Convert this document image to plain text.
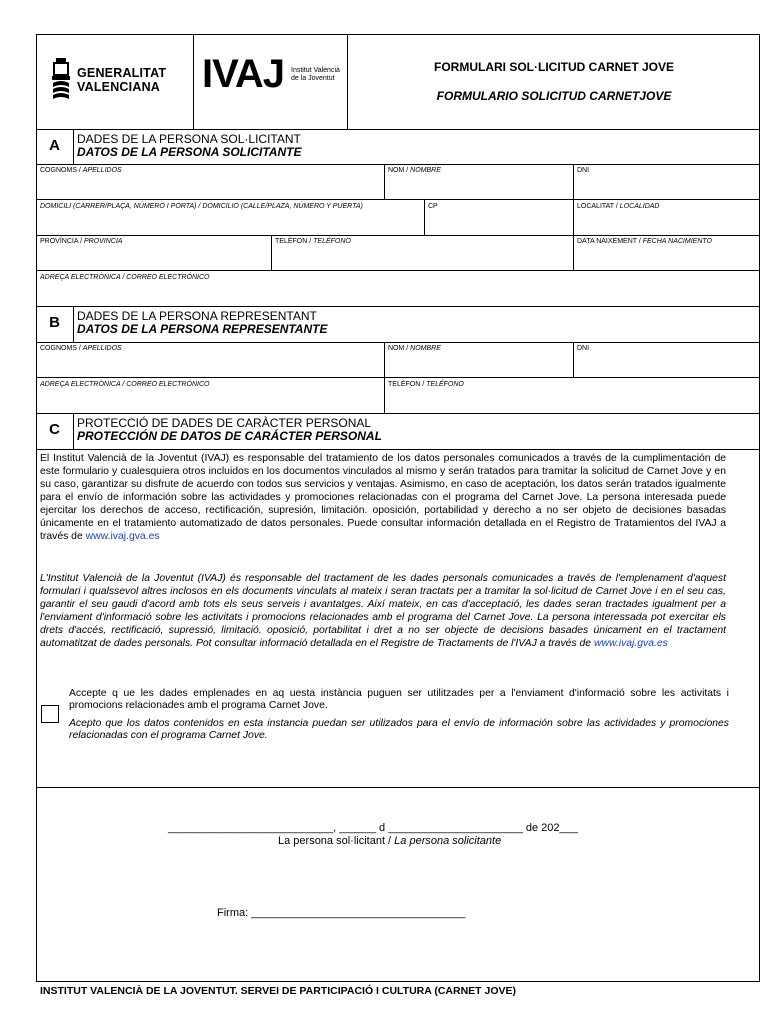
GENERALITAT
VALENCIANA IVAJ Institut Valencià
de la Joventut
FORMULARI SOL·LICITUD CARNET JOVE
FORMULARIO SOLICITUD CARNETJOVE
A	DADES DE LA PERSONA SOL·LICITANT
DATOS DE LA PERSONA SOLICITANTE
COGNOMS / APELLIDOS	NOM / NOMBRE	DNI
DOMICILI (CARRER/PLAÇA, NÚMERO I PORTA) / DOMICILIO (CALLE/PLAZA, NÚMERO Y PUERTA)	CP	LOCALITAT / LOCALIDAD
PROVÍNCIA / PROVINCIA	TELÈFON / TELÉFONO	DATA NAIXEMENT / FECHA NACIMIENTO
ADREÇA ELECTRÒNICA / CORREO ELECTRÓNICO
B	DADES DE LA PERSONA REPRESENTANT
DATOS DE LA PERSONA REPRESENTANTE
COGNOMS / APELLIDOS	NOM / NOMBRE	DNI
ADREÇA ELECTRÒNICA / CORREO ELECTRÓNICO	TELÈFON / TELÉFONO
C	PROTECCIÓ DE DADES DE CARÀCTER PERSONAL
PROTECCIÓN DE DATOS DE CARÁCTER PERSONAL
El Institut Valencià de la Joventut (IVAJ) es responsable del tratamiento de los datos personales comunicados a través de la cumplimentación de este formulario y cualesquiera otros incluidos en los documentos vinculados al mismo y serán tratados para tramitar la solicitud de Carnet Jove y en su caso, garantizar su disfrute de acuerdo con todos sus servicios y ventajas. Asimismo, en caso de aceptación, los datos serán tratados igualmente para el envío de información sobre las actividades y promociones relacionadas con el programa del Carnet Jove. La persona interesada puede ejercitar los derechos de acceso, rectificación, supresión, limitación. oposición, portabilidad y derecho a no ser objeto de decisiones basadas únicamente en el tratamiento automatizado de datos personales. Puede consultar información detallada en el Registro de Tratamientos del IVAJ a través de www.ivaj.gva.es
L'Institut Valencià de la Joventut (IVAJ) és responsable del tractament de les dades personals comunicades a través de l'emplenament d'aquest formulari i qualssevol altres inclosos en els documents vinculats al mateix i seran tractats per a tramitar la sol·licitud de Carnet Jove i en el seu cas, garantir el seu gaudi d'acord amb tots els seus serveis i avantatges. Així mateix, en cas d'acceptació, les dades seran tractades igualment per a l'enviament d'informació sobre les activitats i promocions relacionades amb el programa del Carnet Jove. La persona interessada pot exercitar els drets d'accés, rectificació, supressió, limitació. oposició, portabilitat i dret a no ser objecte de decisions basades únicament en el tractament automatitzat de dades personals. Pot consultar informació detallada en el Registre de Tractaments de l'IVAJ a través de www.ivaj.gva.es
Accepte q ue les dades emplenades en aq uesta instància puguen ser utilitzades per a l'enviament d'informació sobre les activitats i promocions relacionades amb el programa Carnet Jove.
Acepto que los datos contenidos en esta instancia puedan ser utilizados para el envío de información sobre las actividades y promociones relacionadas con el programa Carnet Jove.
___________________________, ______ d ______________________ de 202___
La persona sol·licitant / La persona solicitante
Firma: ___________________________________
INSTITUT VALENCIÀ DE LA JOVENTUT. SERVEI DE PARTICIPACIÓ I CULTURA (CARNET JOVE)
